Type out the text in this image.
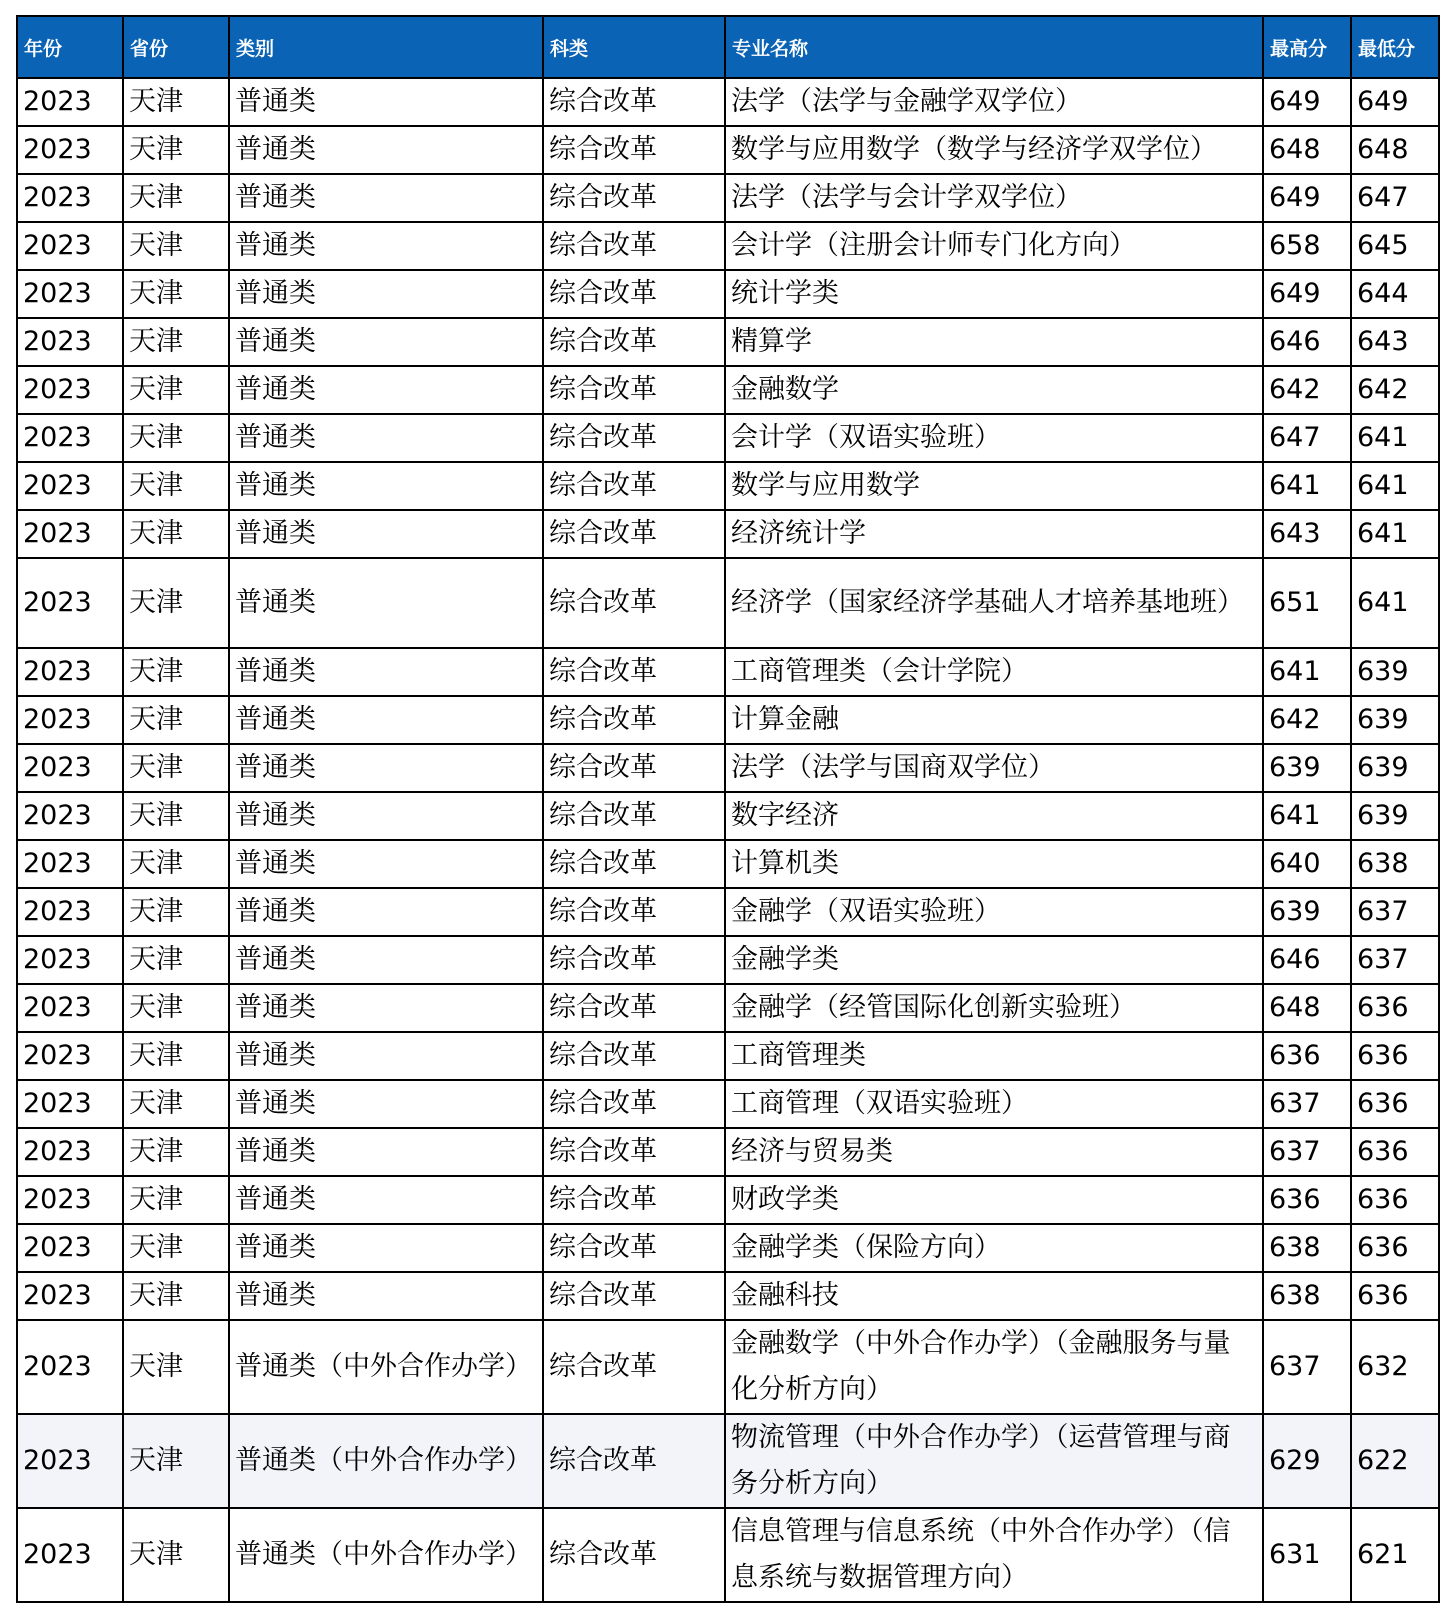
年份	省份	类别	科类	专业名称	最高分	最低分
2023	天津	普通类	综合改革	法学（法学与金融学双学位）	649	649
2023	天津	普通类	综合改革	数学与应用数学（数学与经济学双学位）	648	648
2023	天津	普通类	综合改革	法学（法学与会计学双学位）	649	647
2023	天津	普通类	综合改革	会计学（注册会计师专门化方向）	658	645
2023	天津	普通类	综合改革	统计学类	649	644
2023	天津	普通类	综合改革	精算学	646	643
2023	天津	普通类	综合改革	金融数学	642	642
2023	天津	普通类	综合改革	会计学（双语实验班）	647	641
2023	天津	普通类	综合改革	数学与应用数学	641	641
2023	天津	普通类	综合改革	经济统计学	643	641
2023	天津	普通类	综合改革	经济学（国家经济学基础人才培养基地班）	651	641
2023	天津	普通类	综合改革	工商管理类（会计学院）	641	639
2023	天津	普通类	综合改革	计算金融	642	639
2023	天津	普通类	综合改革	法学（法学与国商双学位）	639	639
2023	天津	普通类	综合改革	数字经济	641	639
2023	天津	普通类	综合改革	计算机类	640	638
2023	天津	普通类	综合改革	金融学（双语实验班）	639	637
2023	天津	普通类	综合改革	金融学类	646	637
2023	天津	普通类	综合改革	金融学（经管国际化创新实验班）	648	636
2023	天津	普通类	综合改革	工商管理类	636	636
2023	天津	普通类	综合改革	工商管理（双语实验班）	637	636
2023	天津	普通类	综合改革	经济与贸易类	637	636
2023	天津	普通类	综合改革	财政学类	636	636
2023	天津	普通类	综合改革	金融学类（保险方向）	638	636
2023	天津	普通类	综合改革	金融科技	638	636
2023	天津	普通类（中外合作办学）	综合改革	金融数学（中外合作办学）（金融服务与量化分析方向）	637	632
2023	天津	普通类（中外合作办学）	综合改革	物流管理（中外合作办学）（运营管理与商务分析方向）	629	622
2023	天津	普通类（中外合作办学）	综合改革	信息管理与信息系统（中外合作办学）（信息系统与数据管理方向）	631	621
